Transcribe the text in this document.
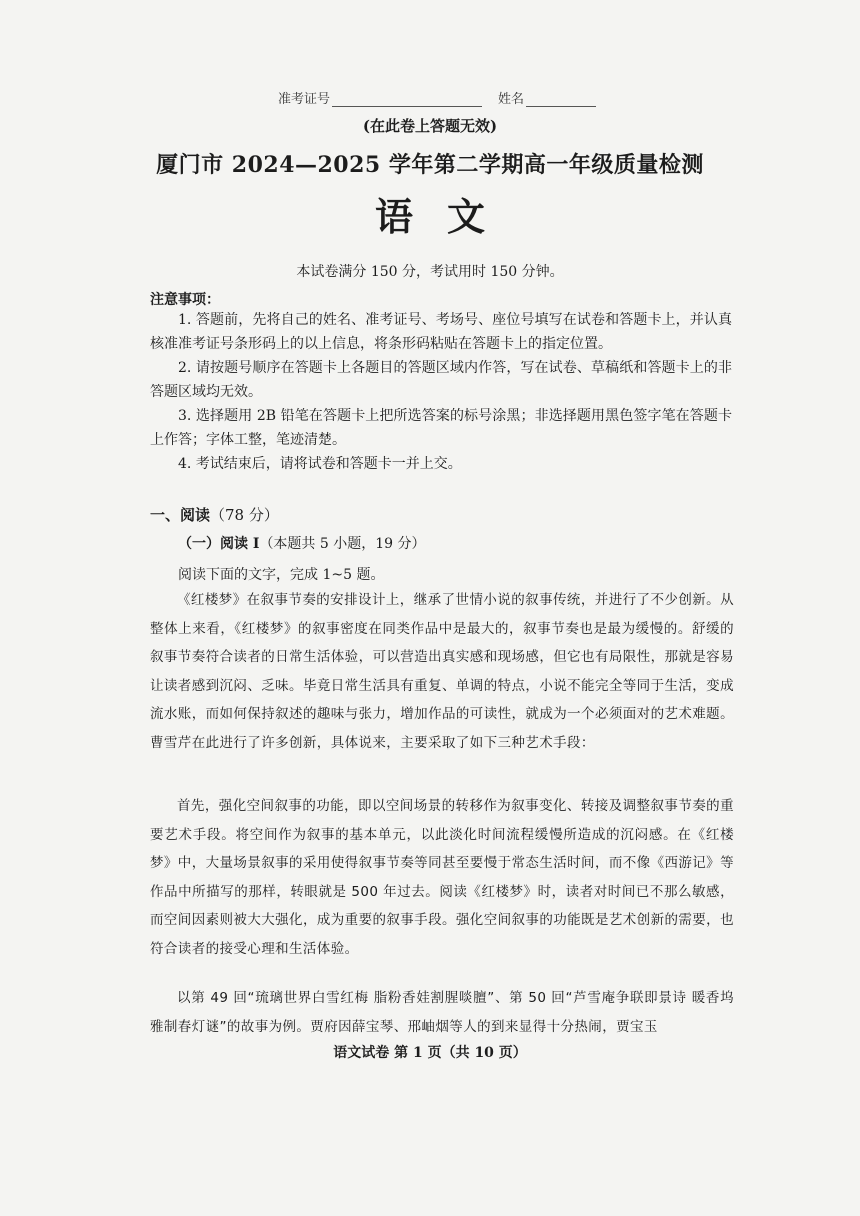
准考证号	姓名
(在此卷上答题无效)
厦门市 2024—2025 学年第二学期高一年级质量检测
语文
本试卷满分 150 分，考试用时 150 分钟。
注意事项：
1. 答题前，先将自己的姓名、准考证号、考场号、座位号填写在试卷和答题卡上，并认真核准准考证号条形码上的以上信息，将条形码粘贴在答题卡上的指定位置。
2. 请按题号顺序在答题卡上各题目的答题区域内作答，写在试卷、草稿纸和答题卡上的非答题区域均无效。
3. 选择题用 2B 铅笔在答题卡上把所选答案的标号涂黑；非选择题用黑色签字笔在答题卡上作答；字体工整，笔迹清楚。
4. 考试结束后，请将试卷和答题卡一并上交。
一、阅读（78 分）
（一）阅读 I（本题共 5 小题，19 分）
阅读下面的文字，完成 1~5 题。
《红楼梦》在叙事节奏的安排设计上，继承了世情小说的叙事传统，并进行了不少创新。从整体上来看，《红楼梦》的叙事密度在同类作品中是最大的，叙事节奏也是最为缓慢的。舒缓的叙事节奏符合读者的日常生活体验，可以营造出真实感和现场感，但它也有局限性，那就是容易让读者感到沉闷、乏味。毕竟日常生活具有重复、单调的特点，小说不能完全等同于生活，变成流水账，而如何保持叙述的趣味与张力，增加作品的可读性，就成为一个必须面对的艺术难题。曹雪芹在此进行了许多创新，具体说来，主要采取了如下三种艺术手段：
首先，强化空间叙事的功能，即以空间场景的转移作为叙事变化、转接及调整叙事节奏的重要艺术手段。将空间作为叙事的基本单元，以此淡化时间流程缓慢所造成的沉闷感。在《红楼梦》中，大量场景叙事的采用使得叙事节奏等同甚至要慢于常态生活时间，而不像《西游记》等作品中所描写的那样，转眼就是 500 年过去。阅读《红楼梦》时，读者对时间已不那么敏感，而空间因素则被大大强化，成为重要的叙事手段。强化空间叙事的功能既是艺术创新的需要，也符合读者的接受心理和生活体验。
以第 49 回“琉璃世界白雪红梅 脂粉香娃割腥啖膻”、第 50 回“芦雪庵争联即景诗 暖香坞雅制春灯谜”的故事为例。贾府因薛宝琴、邢岫烟等人的到来显得十分热闹，贾宝玉
语文试卷 第 1 页（共 10 页）
